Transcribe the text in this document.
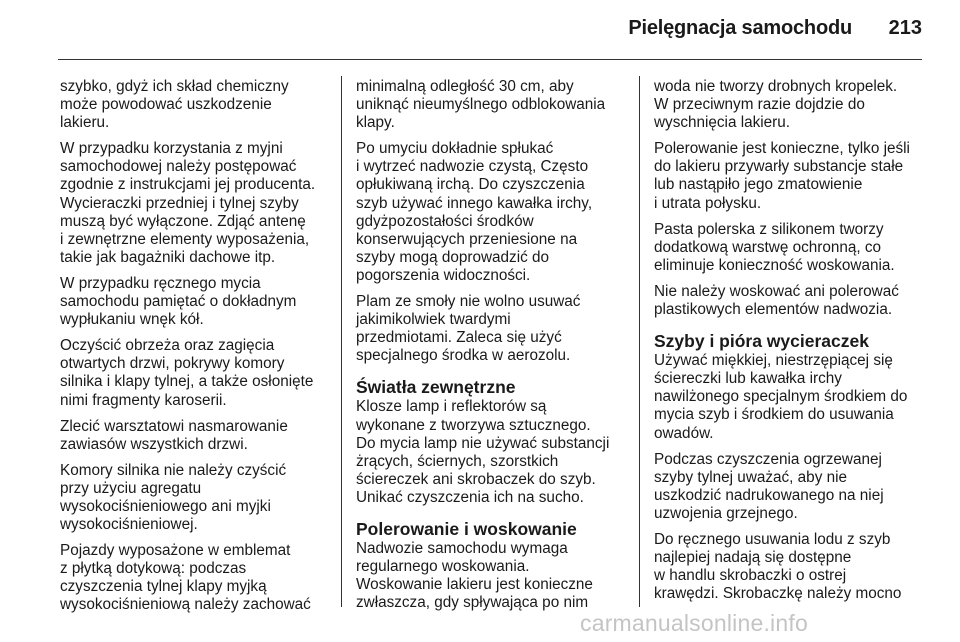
Pielęgnacja samochodu 213

szybko, gdyż ich skład chemiczny
może powodować uszkodzenie
lakieru.

W przypadku korzystania z myjni
samochodowej należy postępować
zgodnie z instrukcjami jej producenta.
Wycieraczki przedniej i tylnej szyby
muszą być wyłączone. Zdjąć antenę
i zewnętrzne elementy wyposażenia,
takie jak bagażniki dachowe itp.

W przypadku ręcznego mycia
samochodu pamiętać o dokładnym
wypłukaniu wnęk kół.

Oczyścić obrzeża oraz zagięcia
otwartych drzwi, pokrywy komory
silnika i klapy tylnej, a także osłonięte
nimi fragmenty karoserii.

Zlecić warsztatowi nasmarowanie
zawiasów wszystkich drzwi.

Komory silnika nie należy czyścić
przy użyciu agregatu
wysokociśnieniowego ani myjki
wysokociśnieniowej.

Pojazdy wyposażone w emblemat
z płytką dotykową: podczas
czyszczenia tylnej klapy myjką
wysokociśnieniową należy zachować

minimalną odległość 30 cm, aby
uniknąć nieumyślnego odblokowania
klapy.

Po umyciu dokładnie spłukać
i wytrzeć nadwozie czystą, Często
opłukiwaną irchą. Do czyszczenia
szyb używać innego kawałka irchy,
gdyżpozostałości środków
konserwujących przeniesione na
szyby mogą doprowadzić do
pogorszenia widoczności.

Plam ze smoły nie wolno usuwać
jakimikolwiek twardymi
przedmiotami. Zaleca się użyć
specjalnego środka w aerozolu.

Światła zewnętrzne

Klosze lamp i reflektorów są
wykonane z tworzywa sztucznego.
Do mycia lamp nie używać substancji
żrących, ściernych, szorstkich
ściereczek ani skrobaczek do szyb.
Unikać czyszczenia ich na sucho.

Polerowanie i woskowanie

Nadwozie samochodu wymaga
regularnego woskowania.
Woskowanie lakieru jest konieczne
zwłaszcza, gdy spływająca po nim

woda nie tworzy drobnych kropelek.
W przeciwnym razie dojdzie do
wyschnięcia lakieru.

Polerowanie jest konieczne, tylko jeśli
do lakieru przywarły substancje stałe
lub nastąpiło jego zmatowienie
i utrata połysku.

Pasta polerska z silikonem tworzy
dodatkową warstwę ochronną, co
eliminuje konieczność woskowania.

Nie należy woskować ani polerować
plastikowych elementów nadwozia.

Szyby i pióra wycieraczek

Używać miękkiej, niestrzępiącej się
ściereczki lub kawałka irchy
nawilżonego specjalnym środkiem do
mycia szyb i środkiem do usuwania
owadów.

Podczas czyszczenia ogrzewanej
szyby tylnej uważać, aby nie
uszkodzić nadrukowanego na niej
uzwojenia grzejnego.

Do ręcznego usuwania lodu z szyb
najlepiej nadają się dostępne
w handlu skrobaczki o ostrej
krawędzi. Skrobaczkę należy mocno

carmanualsonline.info
